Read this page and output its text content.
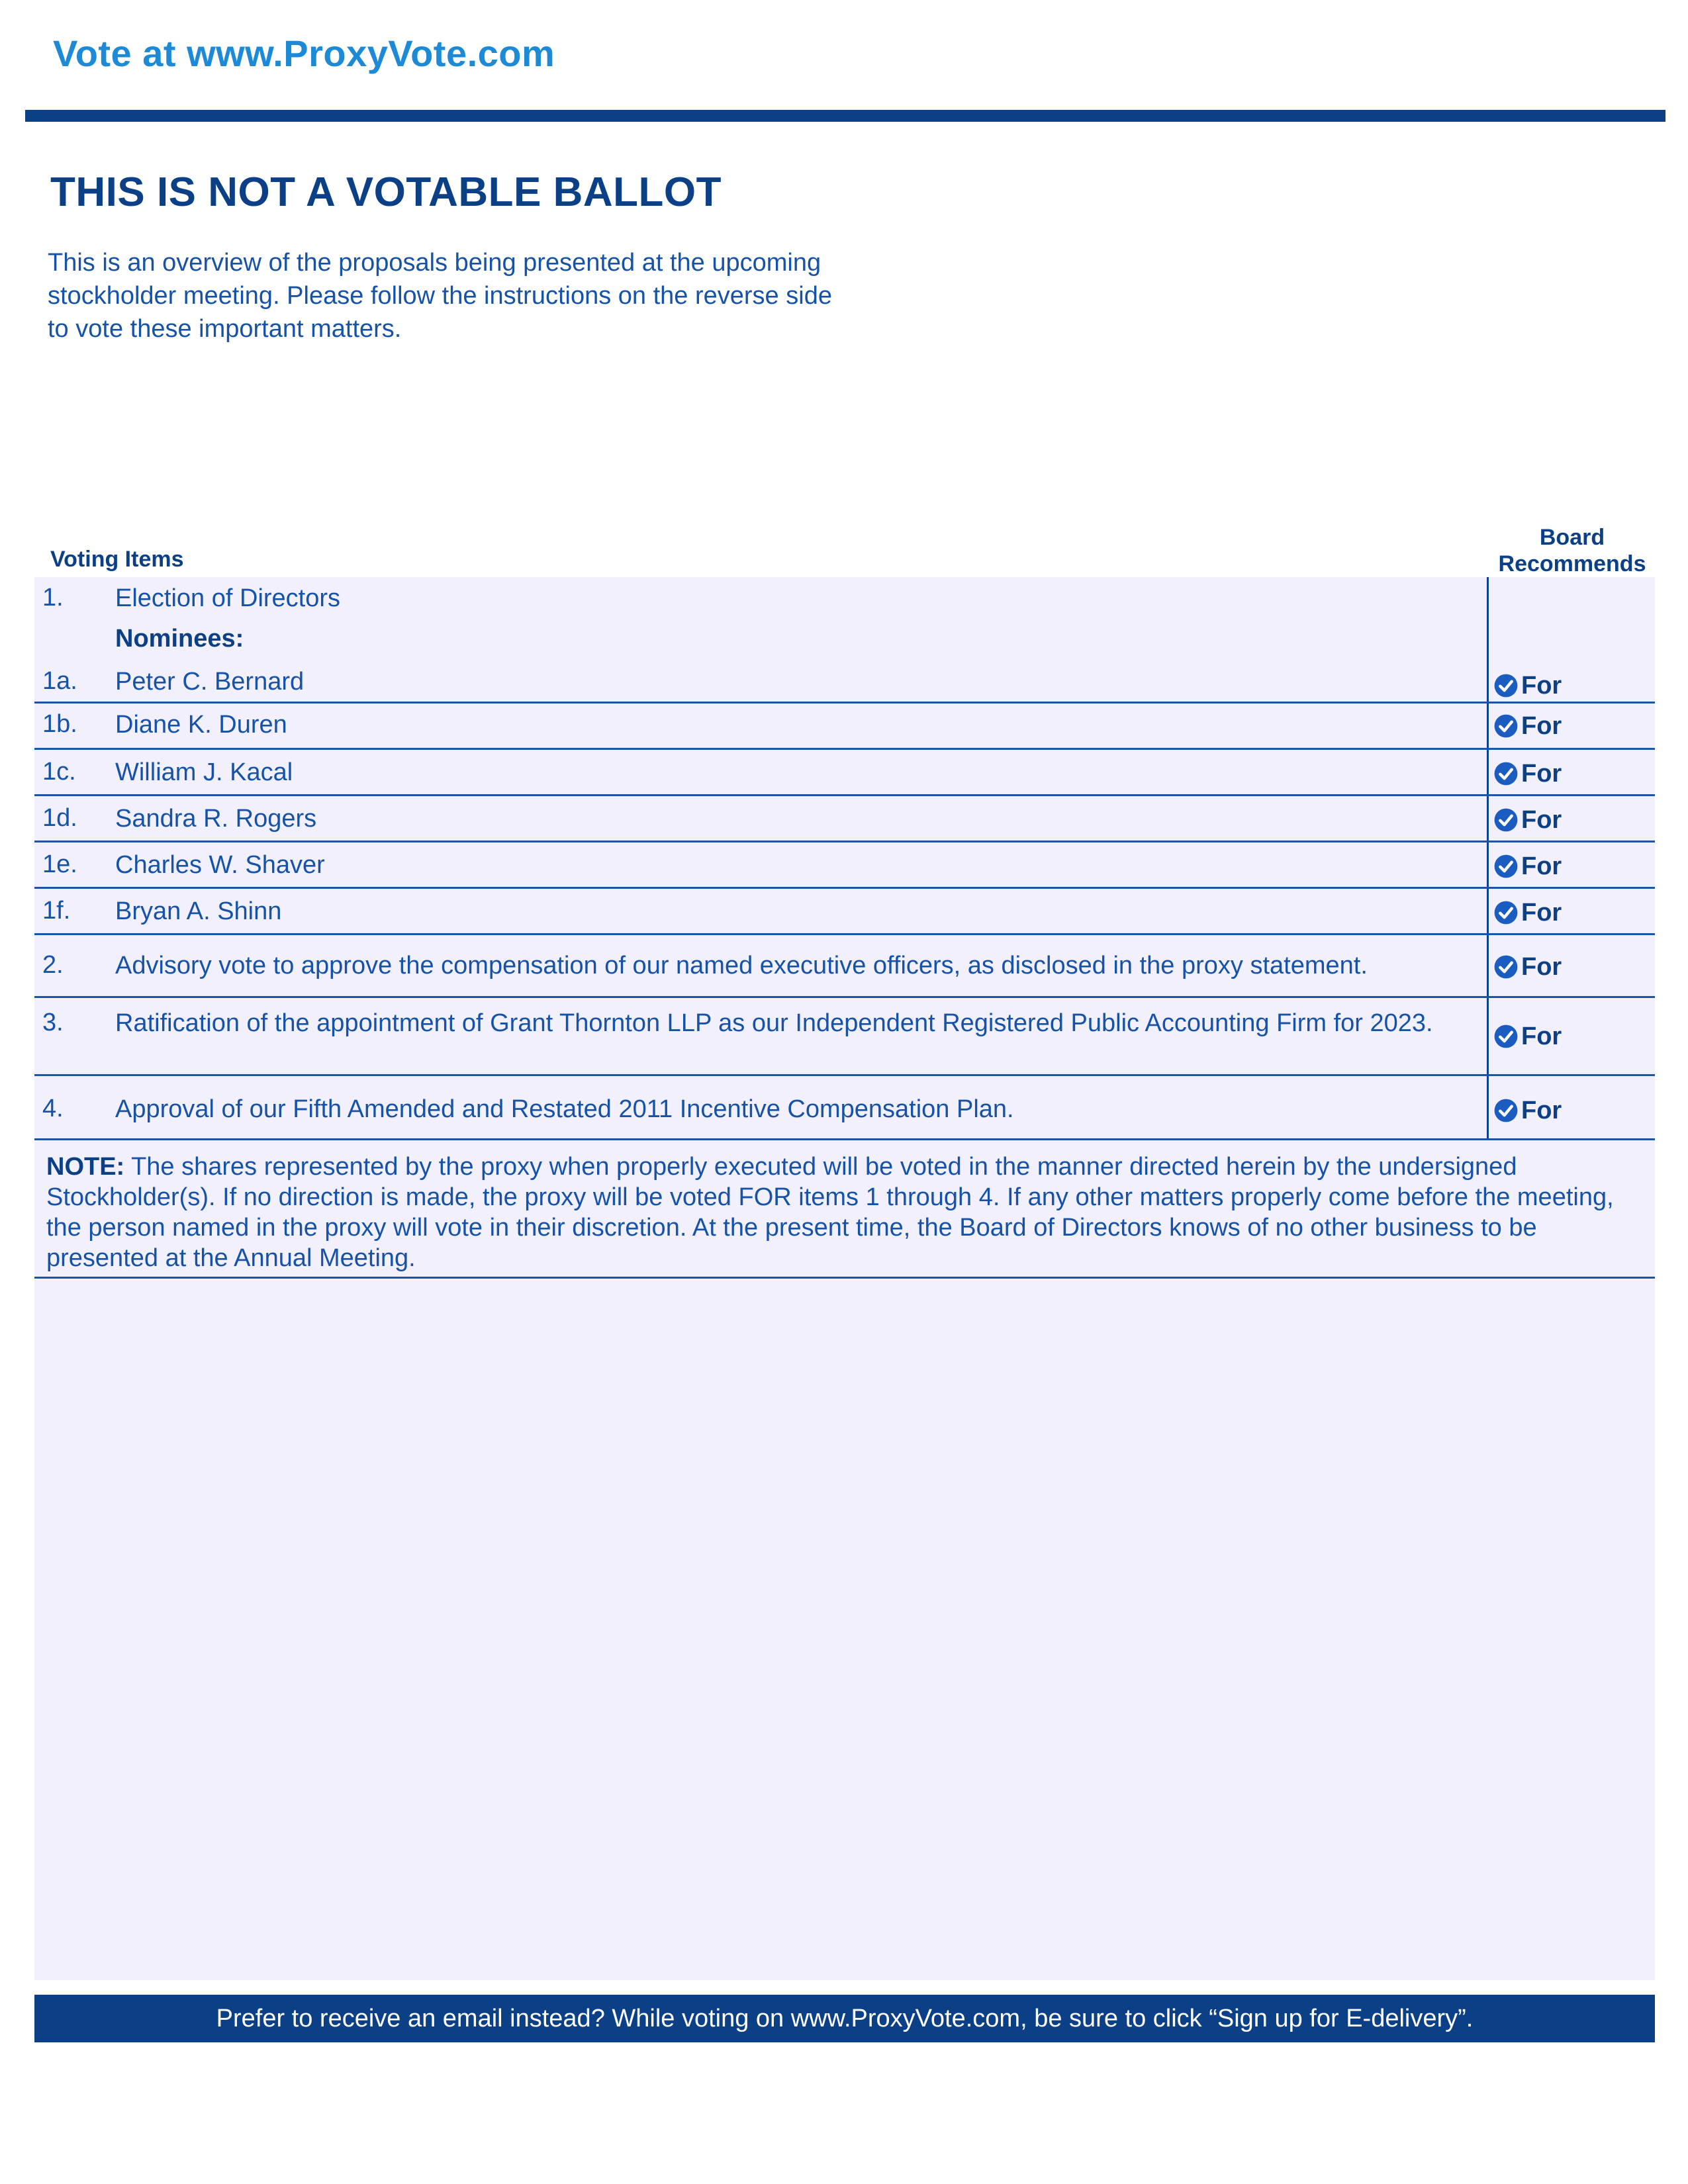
Vote at www.ProxyVote.com
THIS IS NOT A VOTABLE BALLOT

This is an overview of the proposals being presented at the upcoming stockholder meeting. Please follow the instructions on the reverse side to vote these important matters.

Voting Items
Board
Recommends
1. Election of Directors
Nominees:
1a. Peter C. Bernard	For
1b. Diane K. Duren	For
1c. William J. Kacal	For
1d. Sandra R. Rogers	For
1e. Charles W. Shaver	For
1f. Bryan A. Shinn	For
2. Advisory vote to approve the compensation of our named executive officers, as disclosed in the proxy statement.	For
3. Ratification of the appointment of Grant Thornton LLP as our Independent Registered Public Accounting Firm for 2023.	For
4. Approval of our Fifth Amended and Restated 2011 Incentive Compensation Plan.	For

NOTE: The shares represented by the proxy when properly executed will be voted in the manner directed herein by the undersigned Stockholder(s). If no direction is made, the proxy will be voted FOR items 1 through 4. If any other matters properly come before the meeting, the person named in the proxy will vote in their discretion. At the present time, the Board of Directors knows of no other business to be presented at the Annual Meeting.

Prefer to receive an email instead? While voting on www.ProxyVote.com, be sure to click “Sign up for E-delivery”.
